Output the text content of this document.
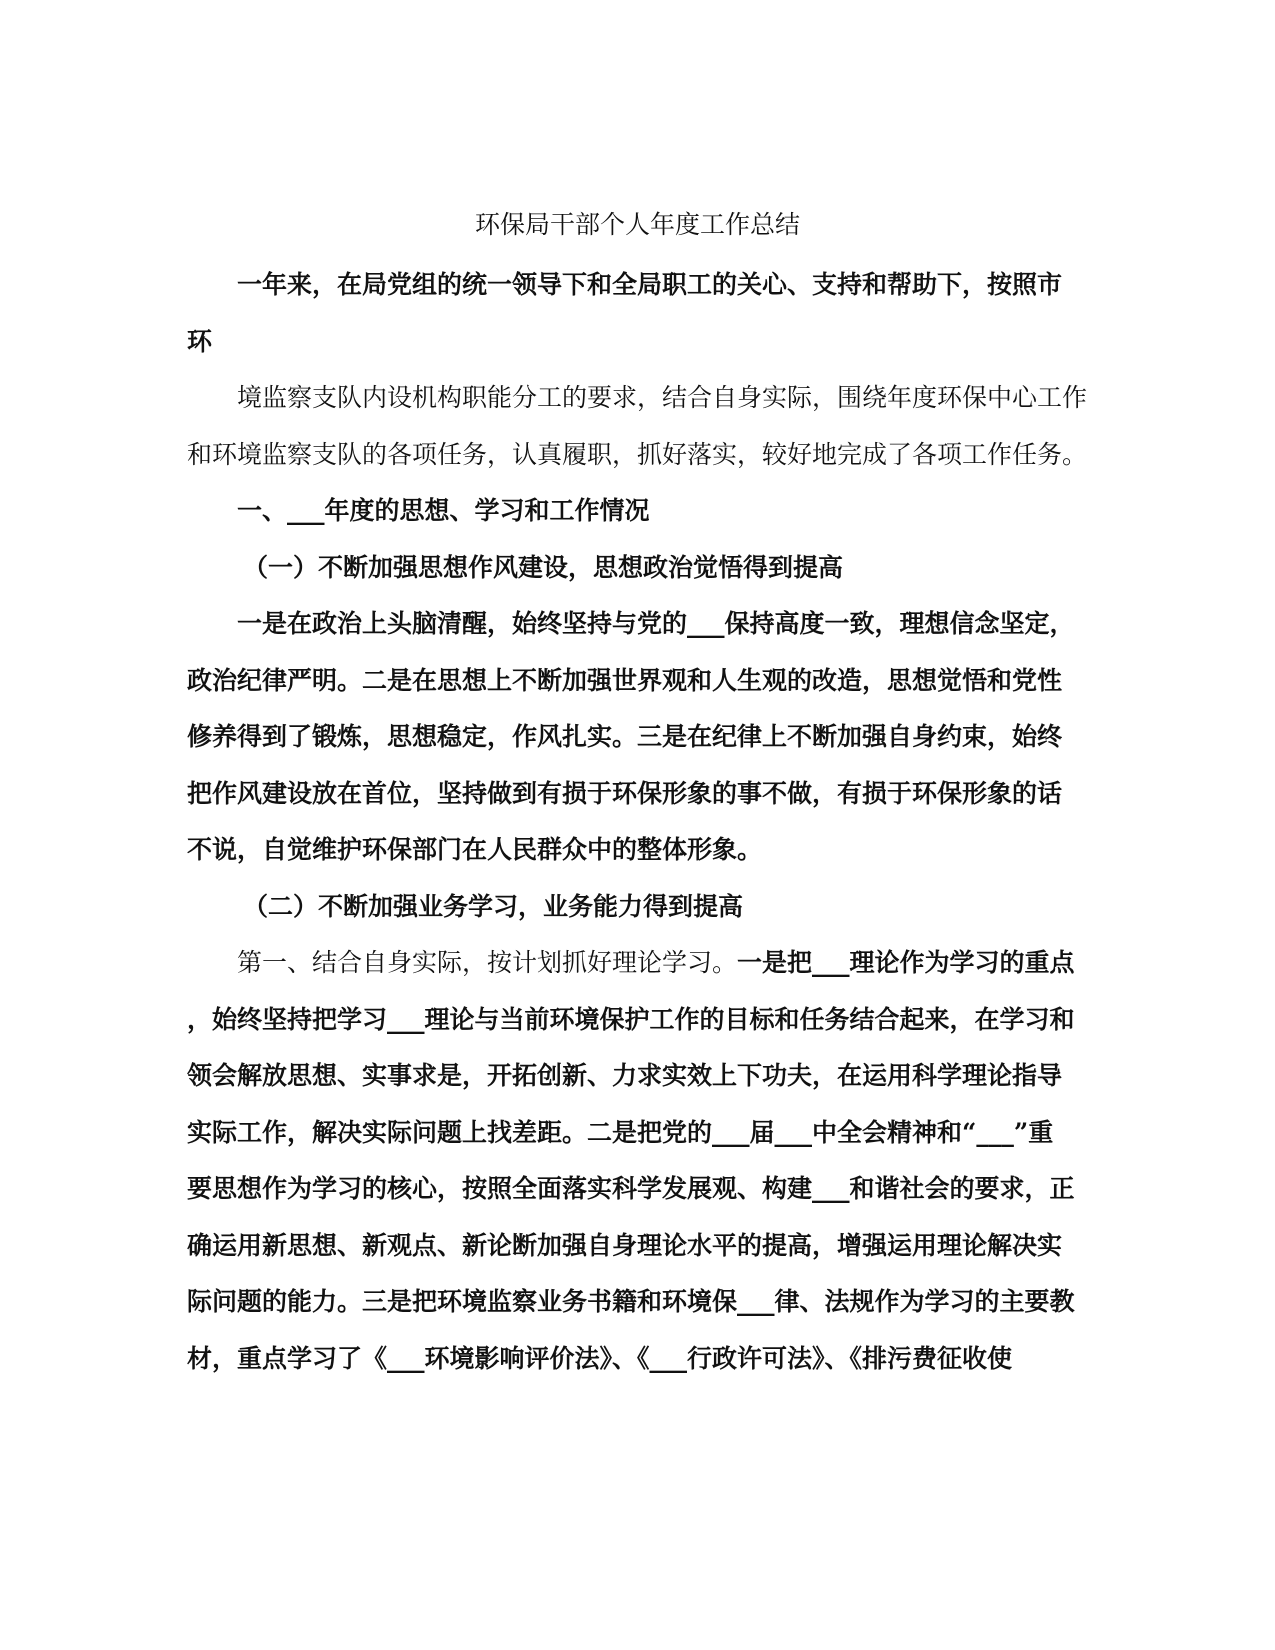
环保局干部个人年度工作总结

一年来，在局党组的统一领导下和全局职工的关心、支持和帮助下，按照市

环

境监察支队内设机构职能分工的要求，结合自身实际，围绕年度环保中心工作

和环境监察支队的各项任务，认真履职，抓好落实，较好地完成了各项工作任务。

一、___年度的思想、学习和工作情况

（一）不断加强思想作风建设，思想政治觉悟得到提高

一是在政治上头脑清醒，始终坚持与党的___保持高度一致，理想信念坚定，

政治纪律严明。二是在思想上不断加强世界观和人生观的改造，思想觉悟和党性

修养得到了锻炼，思想稳定，作风扎实。三是在纪律上不断加强自身约束，始终

把作风建设放在首位，坚持做到有损于环保形象的事不做，有损于环保形象的话

不说，自觉维护环保部门在人民群众中的整体形象。

（二）不断加强业务学习，业务能力得到提高

第一、结合自身实际，按计划抓好理论学习。一是把___理论作为学习的重点

，始终坚持把学习___理论与当前环境保护工作的目标和任务结合起来，在学习和

领会解放思想、实事求是，开拓创新、力求实效上下功夫，在运用科学理论指导

实际工作，解决实际问题上找差距。二是把党的___届___中全会精神和“___”重

要思想作为学习的核心，按照全面落实科学发展观、构建___和谐社会的要求，正

确运用新思想、新观点、新论断加强自身理论水平的提高，增强运用理论解决实

际问题的能力。三是把环境监察业务书籍和环境保___律、法规作为学习的主要教

材，重点学习了《___环境影响评价法》、《___行政许可法》、《排污费征收使
